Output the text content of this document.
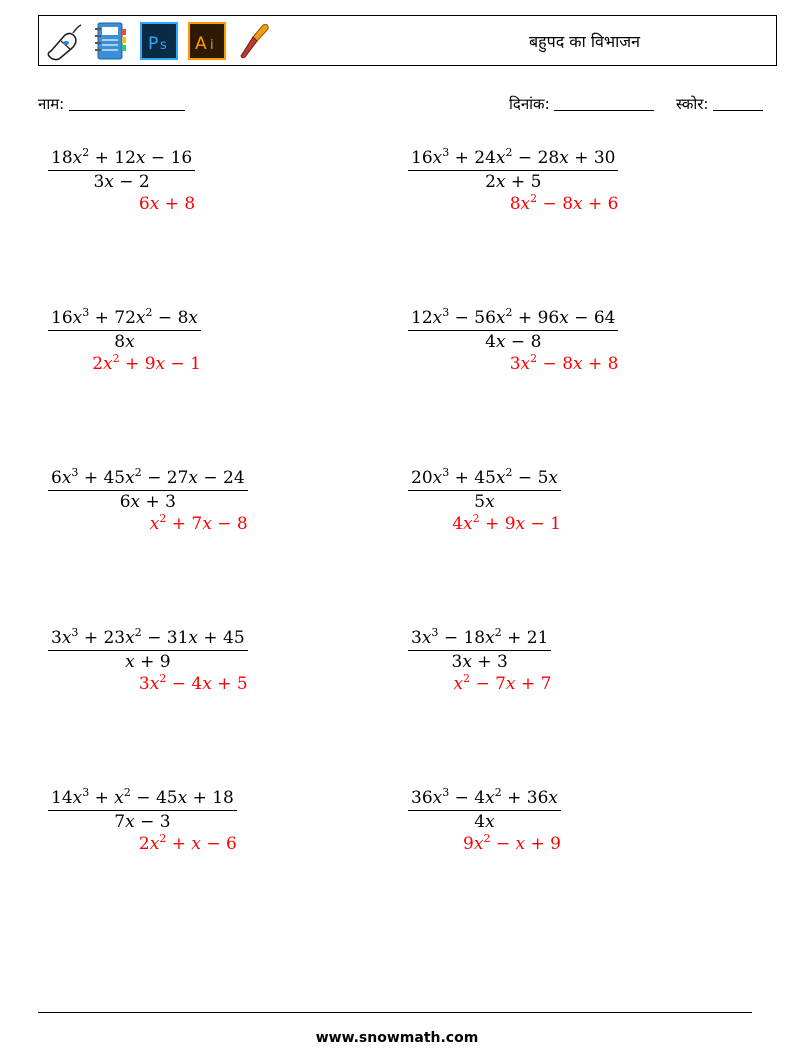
P s A i	बहुपद का विभाजन
नाम:	दिनांक:	स्कोर:
$18x^2 + 12x - 16$
3x − 2
6x + 8
$16x^3 + 24x^2 - 28x + 30$
2x + 5
$8x^2 - 8x + 6$
$16x^3 + 72x^2 - 8x$
8x
$2x^2 + 9x - 1$
$12x^3 - 56x^2 + 96x - 64$
4x − 8
$3x^2 - 8x + 8$
$6x^3 + 45x^2 - 27x - 24$
6x + 3
$x^2 + 7x - 8$
$20x^3 + 45x^2 - 5x$
5x
$4x^2 + 9x - 1$
$3x^3 + 23x^2 - 31x + 45$
x + 9
$3x^2 - 4x + 5$
$3x^3 - 18x^2 + 21$
3x + 3
$x^2 - 7x + 7$
$14x^3 + x^2 - 45x + 18$
7x − 3
$2x^2 + x - 6$
$36x^3 - 4x^2 + 36x$
4x
$9x^2 - x + 9$
www.snowmath.com
